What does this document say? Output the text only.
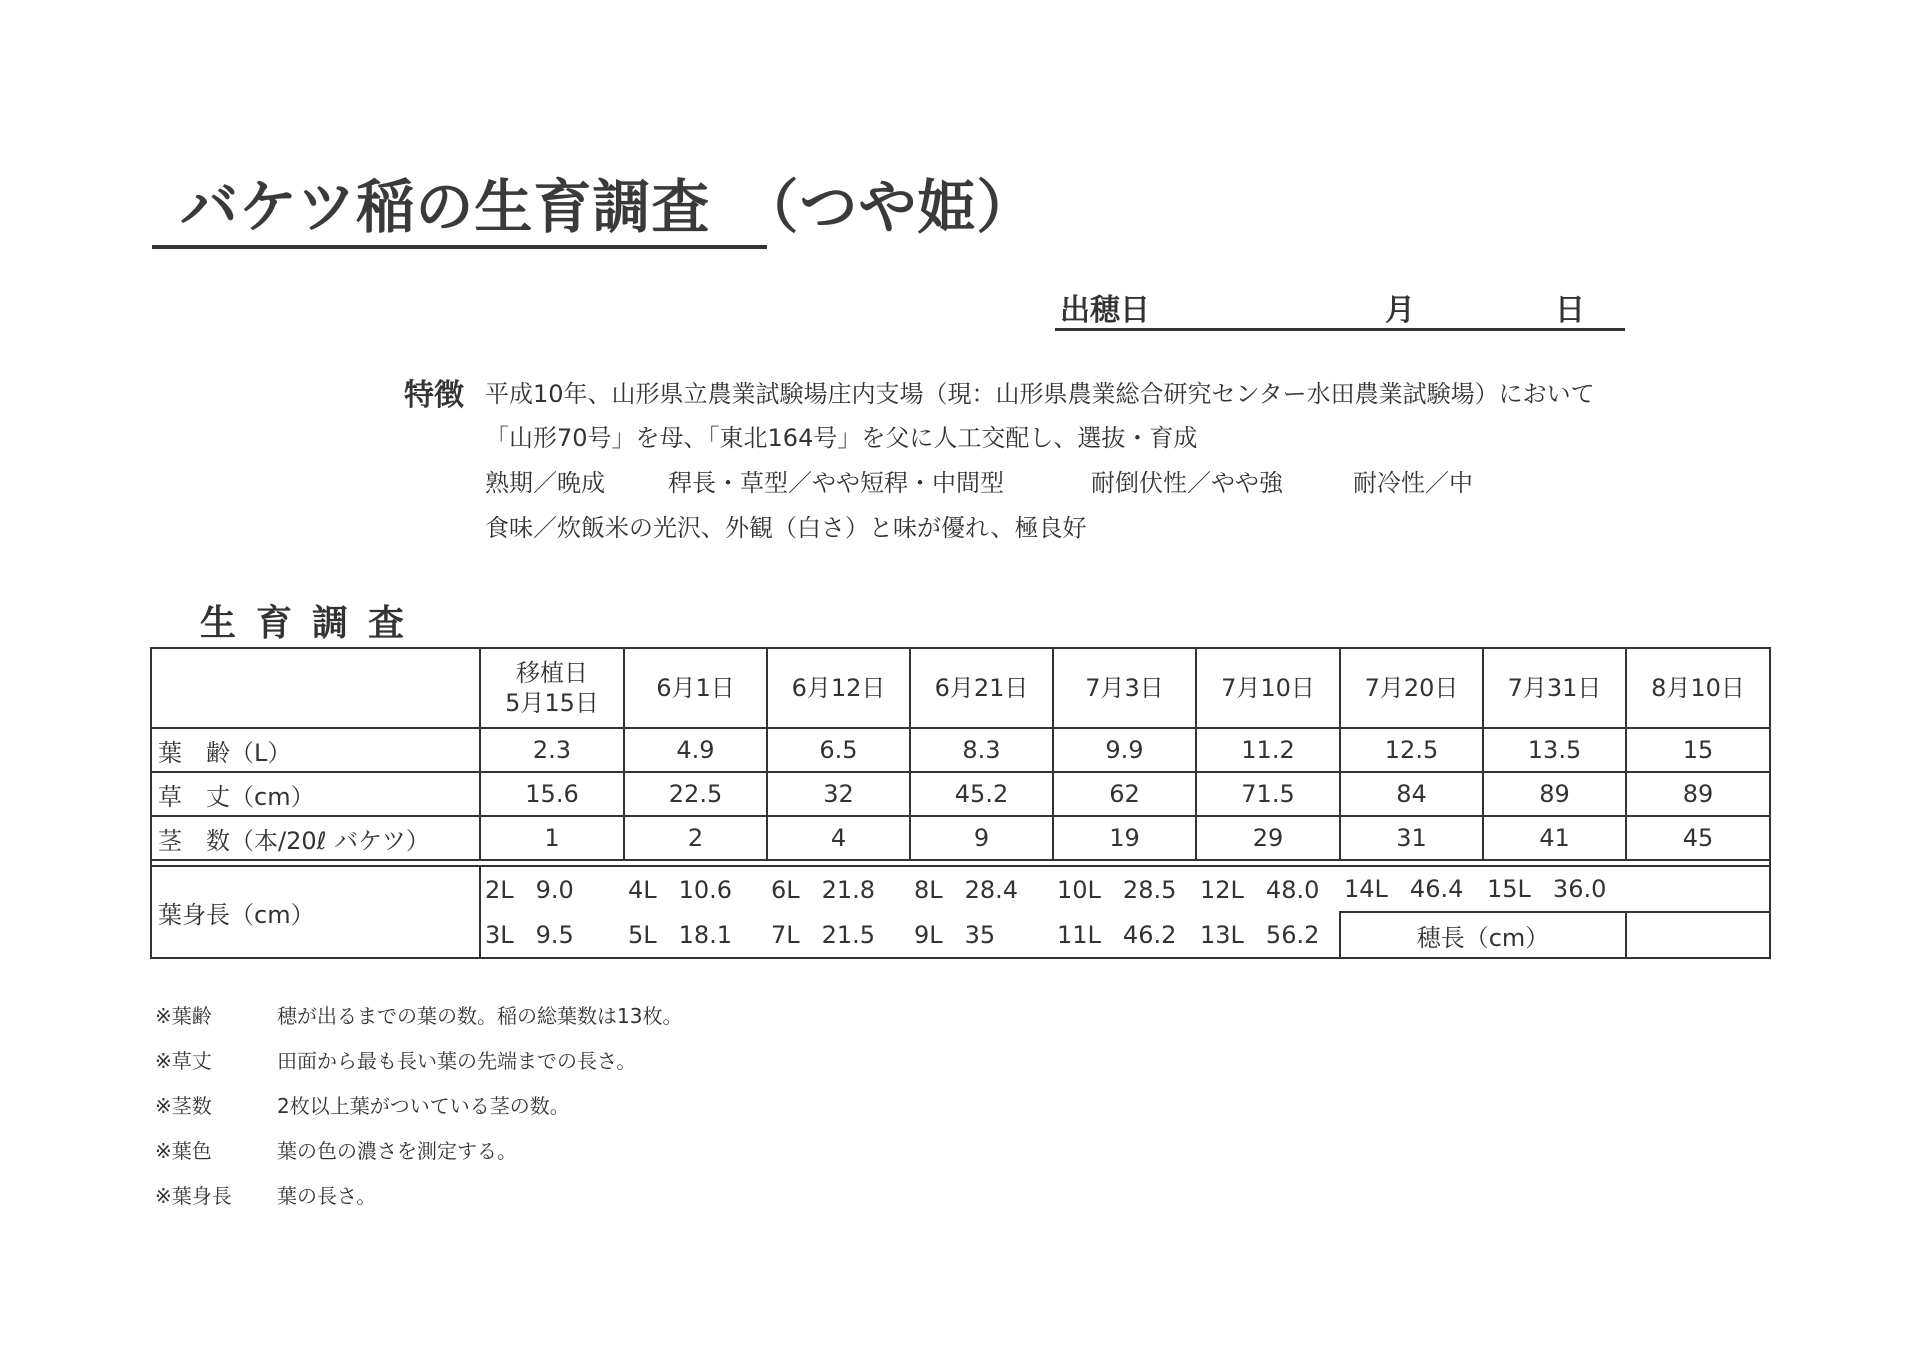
バケツ稲の生育調査　（つや姫）
出穂日	月	日
特徴 平成10年、山形県立農業試験場庄内支場（現：山形県農業総合研究センター水田農業試験場）において
「山形70号」を母、「東北164号」を父に人工交配し、選抜・育成
熟期／晩成	稈長・草型／やや短稈・中間型	耐倒伏性／やや強	耐冷性／中
食味／炊飯米の光沢、外観（白さ）と味が優れ、極良好
生育調査
	移植日
5月15日	6月1日	6月12日	6月21日	7月3日	7月10日	7月20日	7月31日	8月10日
葉　齢（L）	2.3	4.9	6.5	8.3	9.9	11.2	12.5	13.5	15
草　丈（cm）	15.6	22.5	32	45.2	62	71.5	84	89	89
茎　数（本/20ℓ バケツ）	1	2	4	9	19	29	31	41	45

葉身長（cm）	2L 9.0	4L 10.6	6L 21.8	8L 28.4	10L 28.5	12L 48.0	14L 46.4	15L 36.0	
	3L 9.5	5L 18.1	7L 21.5	9L 35	11L 46.2	13L 56.2	穂長（cm）		
※葉齢	穂が出るまでの葉の数。稲の総葉数は13枚。
※草丈	田面から最も長い葉の先端までの長さ。
※茎数	2枚以上葉がついている茎の数。
※葉色	葉の色の濃さを測定する。
※葉身長 葉の長さ。
